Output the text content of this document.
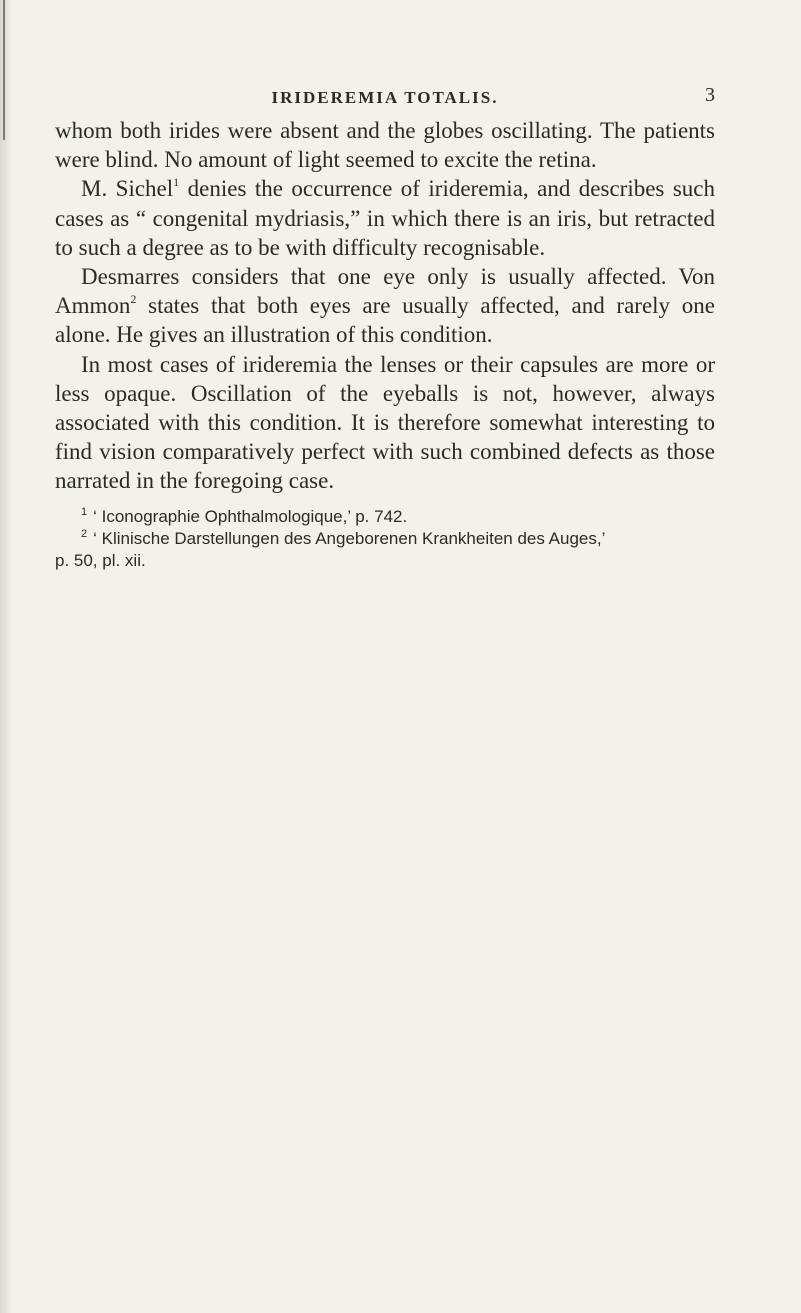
IRIDEREMIA TOTALIS.	3

whom both irides were absent and the globes oscillating. The patients were blind. No amount of light seemed to excite the retina.

M. Sichel$^1$ denies the occurrence of irideremia, and describes such cases as “ congenital mydriasis,” in which there is an iris, but retracted to such a degree as to be with difficulty recognisable.

Desmarres considers that one eye only is usually affected. Von Ammon$^2$ states that both eyes are usually affected, and rarely one alone. He gives an illustration of this condition.

In most cases of irideremia the lenses or their capsules are more or less opaque. Oscillation of the eyeballs is not, however, always associated with this condition. It is therefore somewhat interesting to find vision comparatively perfect with such combined defects as those narrated in the foregoing case.

$^1$ ‘ Iconographie Ophthalmologique,’ p. 742.
$^2$ ‘ Klinische Darstellungen des Angeborenen Krankheiten des Auges,’
p. 50, pl. xii.
